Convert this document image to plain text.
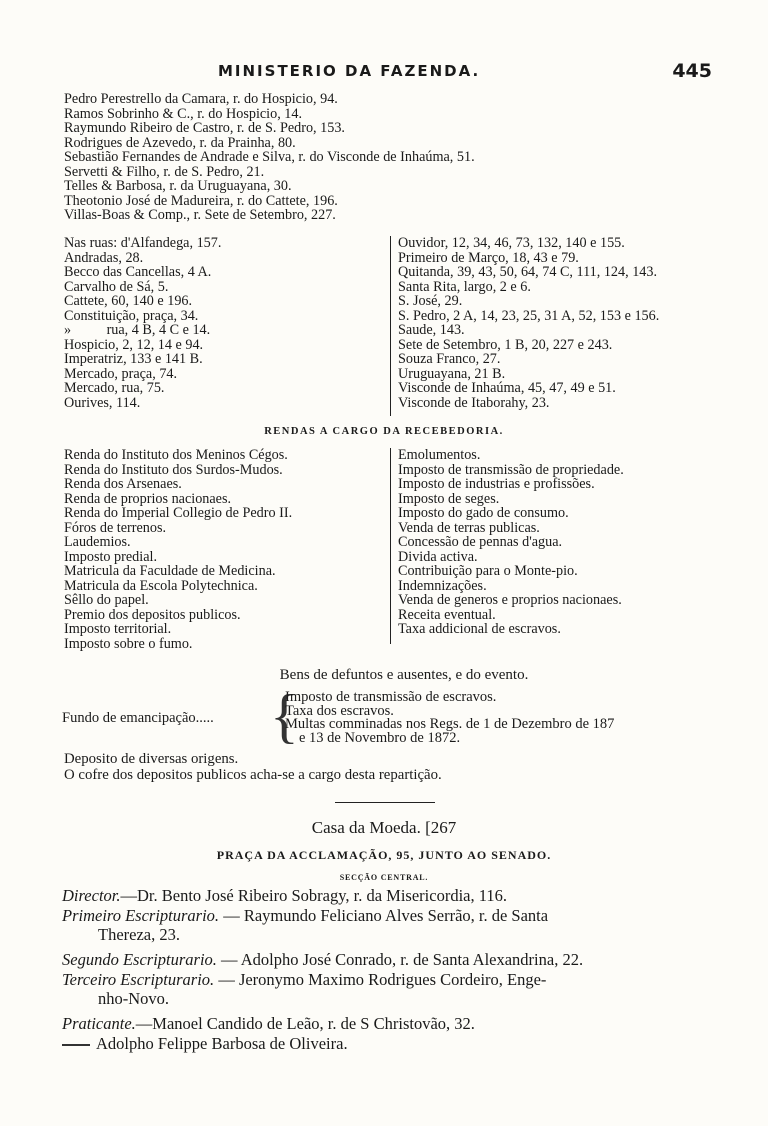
MINISTERIO DA FAZENDA.	445
Pedro Perestrello da Camara, r. do Hospicio, 94.
Ramos Sobrinho & C., r. do Hospicio, 14.
Raymundo Ribeiro de Castro, r. de S. Pedro, 153.
Rodrigues de Azevedo, r. da Prainha, 80.
Sebastião Fernandes de Andrade e Silva, r. do Visconde de Inhaúma, 51.
Servetti & Filho, r. de S. Pedro, 21.
Telles & Barbosa, r. da Uruguayana, 30.
Theotonio José de Madureira, r. do Cattete, 196.
Villas-Boas & Comp., r. Sete de Setembro, 227.
Nas ruas: d'Alfandega, 157.
Andradas, 28.
Becco das Cancellas, 4 A.
Carvalho de Sá, 5.
Cattete, 60, 140 e 196.
Constituição, praça, 34.
»          rua, 4 B, 4 C e 14.
Hospicio, 2, 12, 14 e 94.
Imperatriz, 133 e 141 B.
Mercado, praça, 74.
Mercado, rua, 75.
Ourives, 114.
Ouvidor, 12, 34, 46, 73, 132, 140 e 155.
Primeiro de Março, 18, 43 e 79.
Quitanda, 39, 43, 50, 64, 74 C, 111, 124, 143.
Santa Rita, largo, 2 e 6.
S. José, 29.
S. Pedro, 2 A, 14, 23, 25, 31 A, 52, 153 e 156.
Saude, 143.
Sete de Setembro, 1 B, 20, 227 e 243.
Souza Franco, 27.
Uruguayana, 21 B.
Visconde de Inhaúma, 45, 47, 49 e 51.
Visconde de Itaborahy, 23.
RENDAS A CARGO DA RECEBEDORIA.
Renda do Instituto dos Meninos Cégos.
Renda do Instituto dos Surdos-Mudos.
Renda dos Arsenaes.
Renda de proprios nacionaes.
Renda do Imperial Collegio de Pedro II.
Fóros de terrenos.
Laudemios.
Imposto predial.
Matricula da Faculdade de Medicina.
Matricula da Escola Polytechnica.
Sêllo do papel.
Premio dos depositos publicos.
Imposto territorial.
Imposto sobre o fumo.
Emolumentos.
Imposto de transmissão de propriedade.
Imposto de industrias e profissões.
Imposto de seges.
Imposto do gado de consumo.
Venda de terras publicas.
Concessão de pennas d'agua.
Divida activa.
Contribuição para o Monte-pio.
Indemnizações.
Venda de generos e proprios nacionaes.
Receita eventual.
Taxa addicional de escravos.
Bens de defuntos e ausentes, e do evento.
Fundo de emancipação..... {
Imposto de transmissão de escravos.
Taxa dos escravos.
Multas comminadas nos Regs. de 1 de Dezembro de 187
e 13 de Novembro de 1872.
Deposito de diversas origens.
O cofre dos depositos publicos acha-se a cargo desta repartição.
Casa da Moeda. [267
PRAÇA DA ACCLAMAÇÃO, 95, JUNTO AO SENADO.
SECÇÃO CENTRAL.
Director.—Dr. Bento José Ribeiro Sobragy, r. da Misericordia, 116.
Primeiro Escripturario. — Raymundo Feliciano Alves Serrão, r. de Santa
Thereza, 23.
Segundo Escripturario. — Adolpho José Conrado, r. de Santa Alexandrina, 22.
Terceiro Escripturario. — Jeronymo Maximo Rodrigues Cordeiro, Enge-
nho-Novo.
Praticante.—Manoel Candido de Leão, r. de S Christovão, 32.
Adolpho Felippe Barbosa de Oliveira.
